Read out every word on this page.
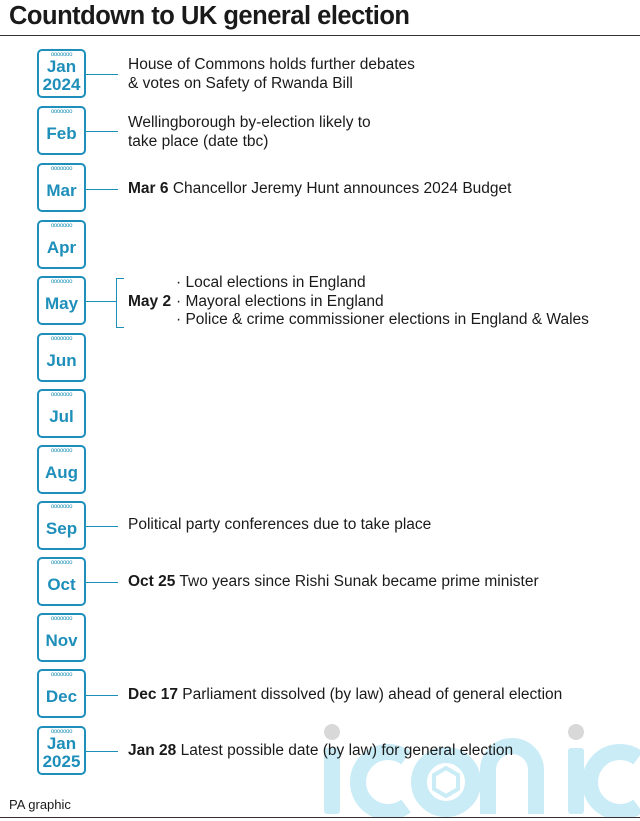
Countdown to UK general election
ooooooo
Jan
2024
ooooooo
Feb
ooooooo
Mar
ooooooo
Apr
ooooooo
May
ooooooo
Jun
ooooooo
Jul
ooooooo
Aug
ooooooo
Sep
ooooooo
Oct
ooooooo
Nov
ooooooo
Dec
ooooooo
Jan
2025
House of Commons holds further debates
& votes on Safety of Rwanda Bill
Wellingborough by-election likely to
take place (date tbc)
Mar 6 Chancellor Jeremy Hunt announces 2024 Budget
May 2
· Local elections in England
· Mayoral elections in England
· Police & crime commissioner elections in England & Wales
Political party conferences due to take place
Oct 25 Two years since Rishi Sunak became prime minister
Dec 17 Parliament dissolved (by law) ahead of general election
Jan 28 Latest possible date (by law) for general election
PA graphic
